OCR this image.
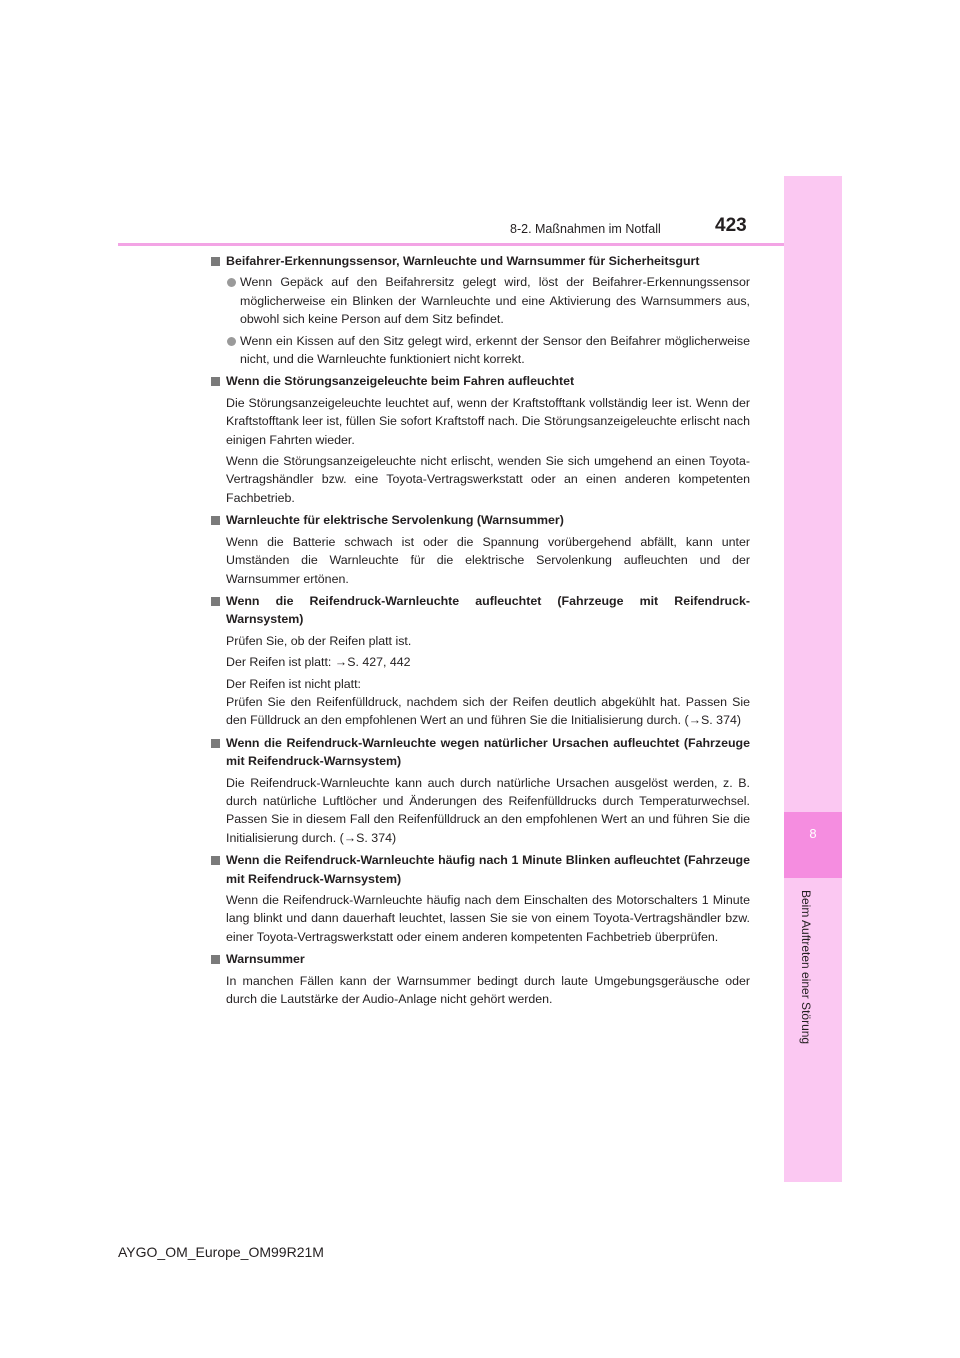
8
Beim Auftreten einer Störung
8-2. Maßnahmen im Notfall	423
Beifahrer-Erkennungssensor, Warnleuchte und Warnsummer für Sicherheitsgurt
Wenn Gepäck auf den Beifahrersitz gelegt wird, löst der Beifahrer-Erkennungssensor möglicherweise ein Blinken der Warnleuchte und eine Aktivierung des Warnsummers aus, obwohl sich keine Person auf dem Sitz befindet.
Wenn ein Kissen auf den Sitz gelegt wird, erkennt der Sensor den Beifahrer möglicherweise nicht, und die Warnleuchte funktioniert nicht korrekt.
Wenn die Störungsanzeigeleuchte beim Fahren aufleuchtet
Die Störungsanzeigeleuchte leuchtet auf, wenn der Kraftstofftank vollständig leer ist. Wenn der Kraftstofftank leer ist, füllen Sie sofort Kraftstoff nach. Die Störungsanzeigeleuchte erlischt nach einigen Fahrten wieder.
Wenn die Störungsanzeigeleuchte nicht erlischt, wenden Sie sich umgehend an einen Toyota-Vertragshändler bzw. eine Toyota-Vertragswerkstatt oder an einen anderen kompetenten Fachbetrieb.
Warnleuchte für elektrische Servolenkung (Warnsummer)
Wenn die Batterie schwach ist oder die Spannung vorübergehend abfällt, kann unter Umständen die Warnleuchte für die elektrische Servolenkung aufleuchten und der Warnsummer ertönen.
Wenn die Reifendruck-Warnleuchte aufleuchtet (Fahrzeuge mit Reifendruck-Warnsystem)
Prüfen Sie, ob der Reifen platt ist.
Der Reifen ist platt: →S. 427, 442
Der Reifen ist nicht platt:
Prüfen Sie den Reifenfülldruck, nachdem sich der Reifen deutlich abgekühlt hat. Passen Sie den Fülldruck an den empfohlenen Wert an und führen Sie die Initialisierung durch. (→S. 374)
Wenn die Reifendruck-Warnleuchte wegen natürlicher Ursachen aufleuchtet (Fahrzeuge mit Reifendruck-Warnsystem)
Die Reifendruck-Warnleuchte kann auch durch natürliche Ursachen ausgelöst werden, z. B. durch natürliche Luftlöcher und Änderungen des Reifenfülldrucks durch Temperaturwechsel. Passen Sie in diesem Fall den Reifenfülldruck an den empfohlenen Wert an und führen Sie die Initialisierung durch. (→S. 374)
Wenn die Reifendruck-Warnleuchte häufig nach 1 Minute Blinken aufleuchtet (Fahrzeuge mit Reifendruck-Warnsystem)
Wenn die Reifendruck-Warnleuchte häufig nach dem Einschalten des Motorschalters 1 Minute lang blinkt und dann dauerhaft leuchtet, lassen Sie sie von einem Toyota-Vertragshändler bzw. einer Toyota-Vertragswerkstatt oder einem anderen kompetenten Fachbetrieb überprüfen.
Warnsummer
In manchen Fällen kann der Warnsummer bedingt durch laute Umgebungsgeräusche oder durch die Lautstärke der Audio-Anlage nicht gehört werden.
AYGO_OM_Europe_OM99R21M
